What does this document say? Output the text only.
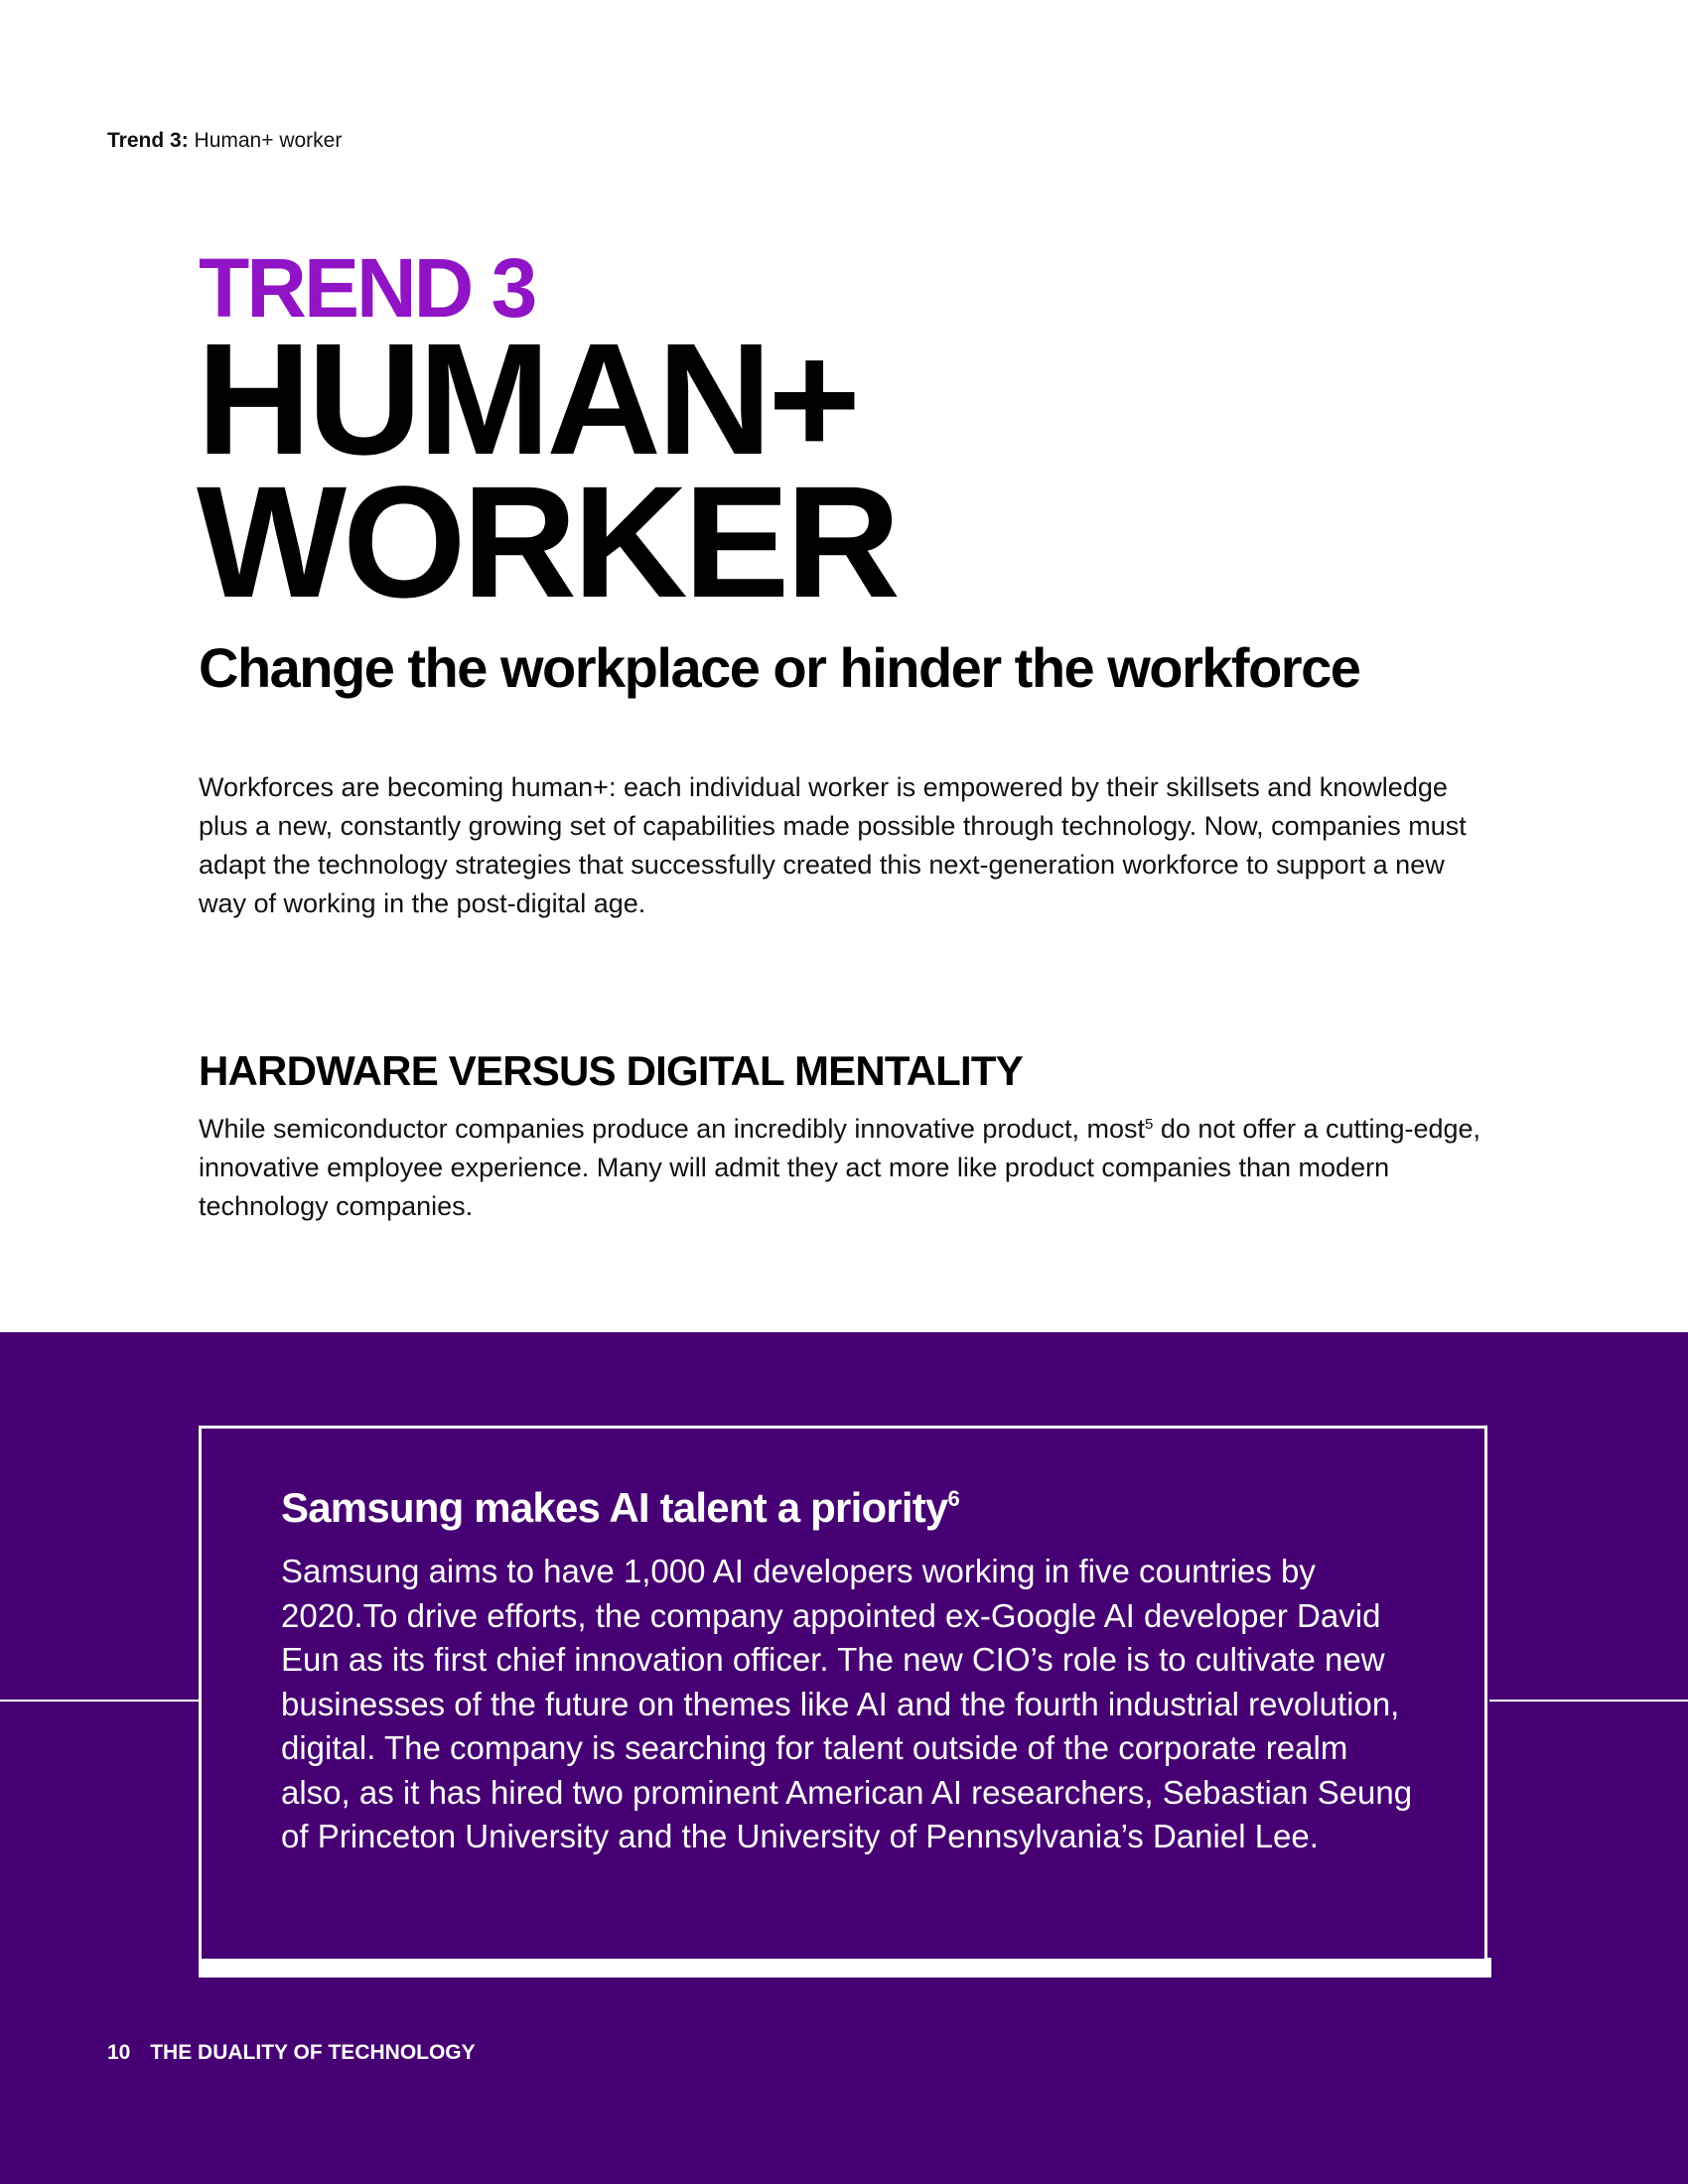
Trend 3: Human+ worker
TREND 3
HUMAN+
WORKER
Change the workplace or hinder the workforce

Workforces are becoming human+: each individual worker is empowered by their skillsets and knowledge plus a new, constantly growing set of capabilities made possible through technology. Now, companies must adapt the technology strategies that successfully created this next-generation workforce to support a new way of working in the post-digital age.

HARDWARE VERSUS DIGITAL MENTALITY

While semiconductor companies produce an incredibly innovative product, most$^5$ do not offer a cutting-edge, innovative employee experience. Many will admit they act more like product companies than modern technology companies.

Samsung makes AI talent a priority$^6$

Samsung aims to have 1,000 AI developers working in five countries by 2020.To drive efforts, the company appointed ex-Google AI developer David Eun as its first chief innovation officer. The new CIO’s role is to cultivate new businesses of the future on themes like AI and the fourth industrial revolution, digital. The company is searching for talent outside of the corporate realm also, as it has hired two prominent American AI researchers, Sebastian Seung of Princeton University and the University of Pennsylvania’s Daniel Lee.

10 THE DUALITY OF TECHNOLOGY
